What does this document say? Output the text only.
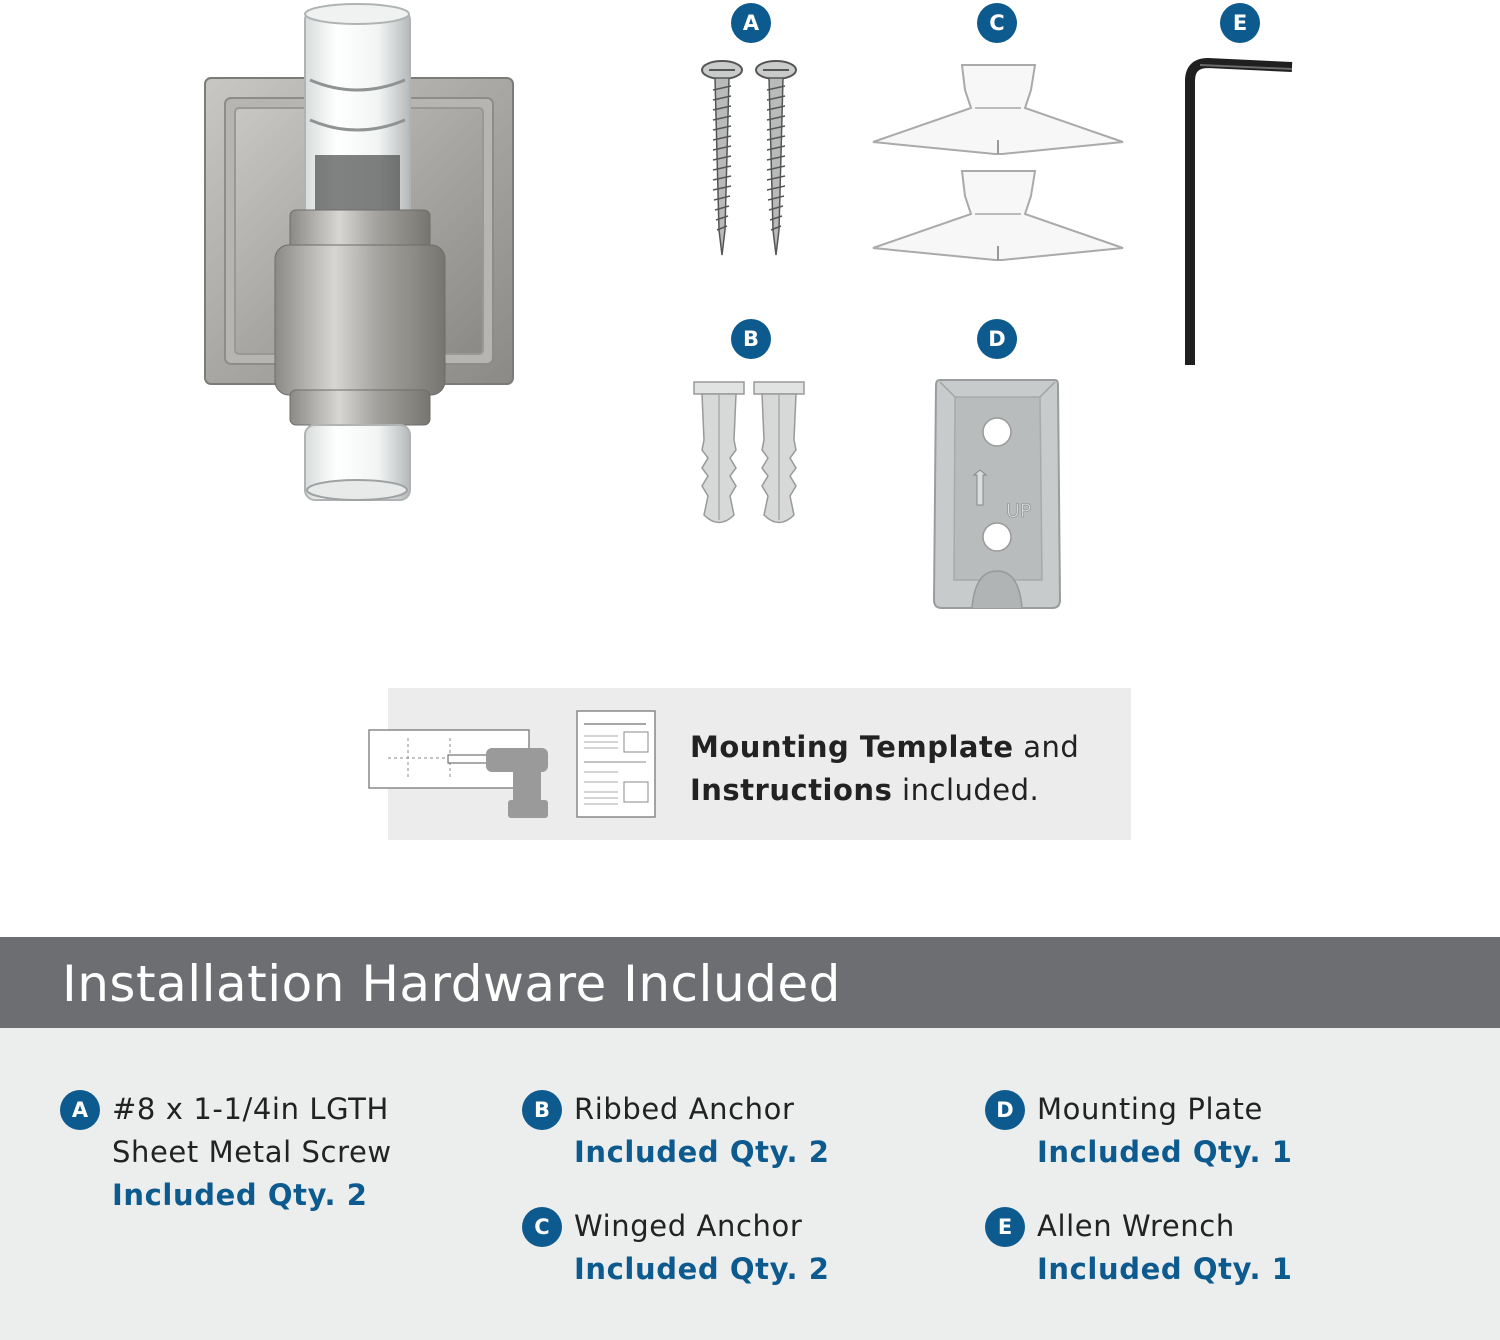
A	C	E
B	D
UP
Mounting Template and
Instructions included.
Installation Hardware Included
A #8 x 1-1/4in LGTH
Sheet Metal Screw
Included Qty. 2
B Ribbed Anchor
Included Qty. 2
C Winged Anchor
Included Qty. 2
D Mounting Plate
Included Qty. 1
E Allen Wrench
Included Qty. 1
